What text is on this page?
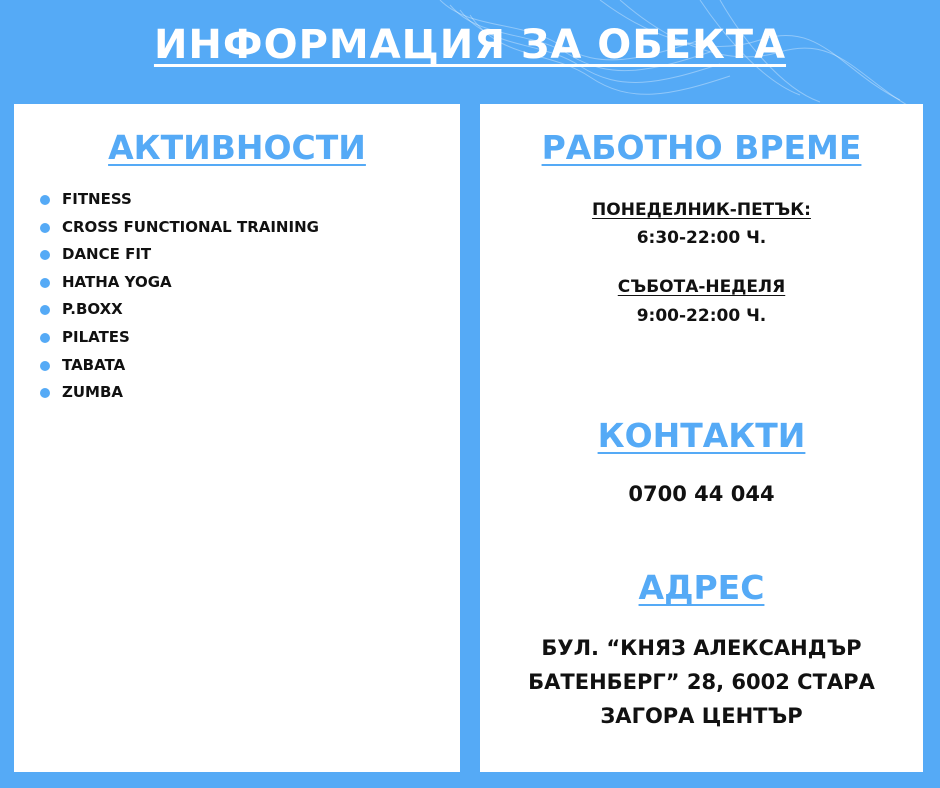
ИНФОРМАЦИЯ ЗА ОБЕКТА
АКТИВНОСТИ
FITNESS
CROSS FUNCTIONAL TRAINING
DANCE FIT
HATHA YOGA
P.BOXX
PILATES
TABATA
ZUMBA
РАБОТНО ВРЕМЕ
ПОНЕДЕЛНИК-ПЕТЪК:
6:30-22:00 Ч.
СЪБОТА-НЕДЕЛЯ
9:00-22:00 Ч.
КОНТАКТИ
0700 44 044
АДРЕС
БУЛ. “КНЯЗ АЛЕКСАНДЪР
БАТЕНБЕРГ” 28, 6002 СТАРА
ЗАГОРА ЦЕНТЪР
